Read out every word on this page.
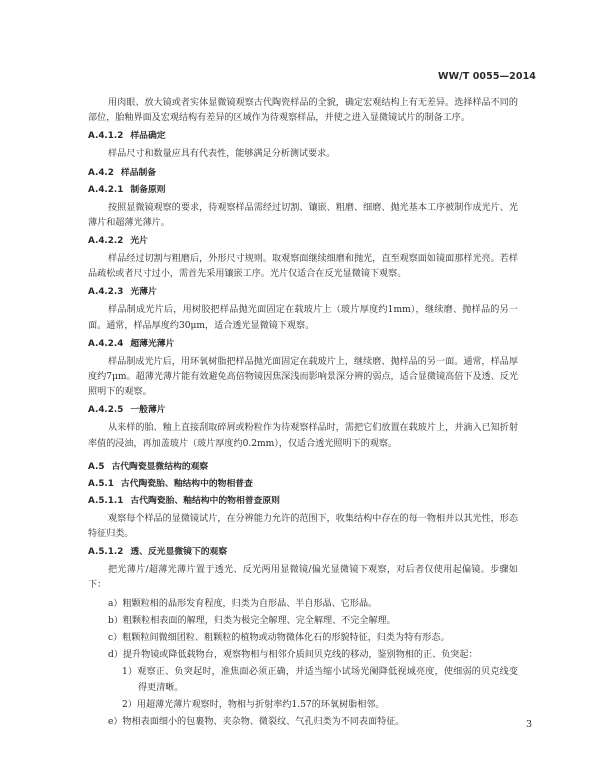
WW/T 0055—2014

用肉眼、放大镜或者实体显微镜观察古代陶瓷样品的全貌，确定宏观结构上有无差异。选择样品不同的部位，胎釉界面及宏观结构有差异的区域作为待观察样品，并使之进入显微镜试片的制备工序。

A.4.1.2 样品确定

样品尺寸和数量应具有代表性，能够满足分析测试要求。

A.4.2 样品制备
A.4.2.1 制备原则

按照显微镜观察的要求，待观察样品需经过切割、镶嵌、粗磨、细磨、抛光基本工序被制作成光片、光薄片和超薄光薄片。

A.4.2.2 光片

样品经过切割与粗磨后，外形尺寸规则。取观察面继续细磨和抛光，直至观察面如镜面那样光亮。若样品疏松或者尺寸过小，需首先采用镶嵌工序。光片仅适合在反光显微镜下观察。

A.4.2.3 光薄片

样品制成光片后，用树胶把样品抛光面固定在载玻片上（玻片厚度约1mm），继续磨、抛样品的另一面。通常，样品厚度约30μm，适合透光显微镜下观察。

A.4.2.4 超薄光薄片

样品制成光片后，用环氧树脂把样品抛光面固定在载玻片上，继续磨、抛样品的另一面。通常，样品厚度约7μm。超薄光薄片能有效避免高倍物镜因焦深浅而影响景深分辨的弱点，适合显微镜高倍下及透、反光照明下的观察。

A.4.2.5 一般薄片

从来样的胎、釉上直接刮取碎屑或粉粒作为待观察样品时，需把它们放置在载玻片上，并滴入已知折射率值的浸油，再加盖玻片（玻片厚度约0.2mm），仅适合透光照明下的观察。

A.5 古代陶瓷显微结构的观察
A.5.1 古代陶瓷胎、釉结构中的物相普查
A.5.1.1 古代陶瓷胎、釉结构中的物相普查原则

观察每个样品的显微镜试片，在分辨能力允许的范围下，收集结构中存在的每一物相并以其光性，形态特征归类。

A.5.1.2 透、反光显微镜下的观察

把光薄片/超薄光薄片置于透光、反光两用显微镜/偏光显微镜下观察，对后者仅使用起偏镜。步骤如下：

a）粗颗粒相的晶形发育程度，归类为自形晶、半自形晶、它形晶。
b）粗颗粒相表面的解理，归类为极完全解理、完全解理、不完全解理。
c）粗颗粒间微细团粒、粗颗粒的植物或动物微体化石的形貌特征，归类为特有形态。
d）提升物镜或降低载物台，观察物相与相邻介质间贝克线的移动，鉴别物相的正、负突起：
1）观察正、负突起时，准焦面必须正确，并适当缩小试场光阑降低视域亮度，使细弱的贝克线变得更清晰。
2）用超薄光薄片观察时，物相与折射率约1.57的环氧树脂相邻。
e）物相表面细小的包裹物、夹杂物、微裂纹、气孔归类为不同表面特征。	3
